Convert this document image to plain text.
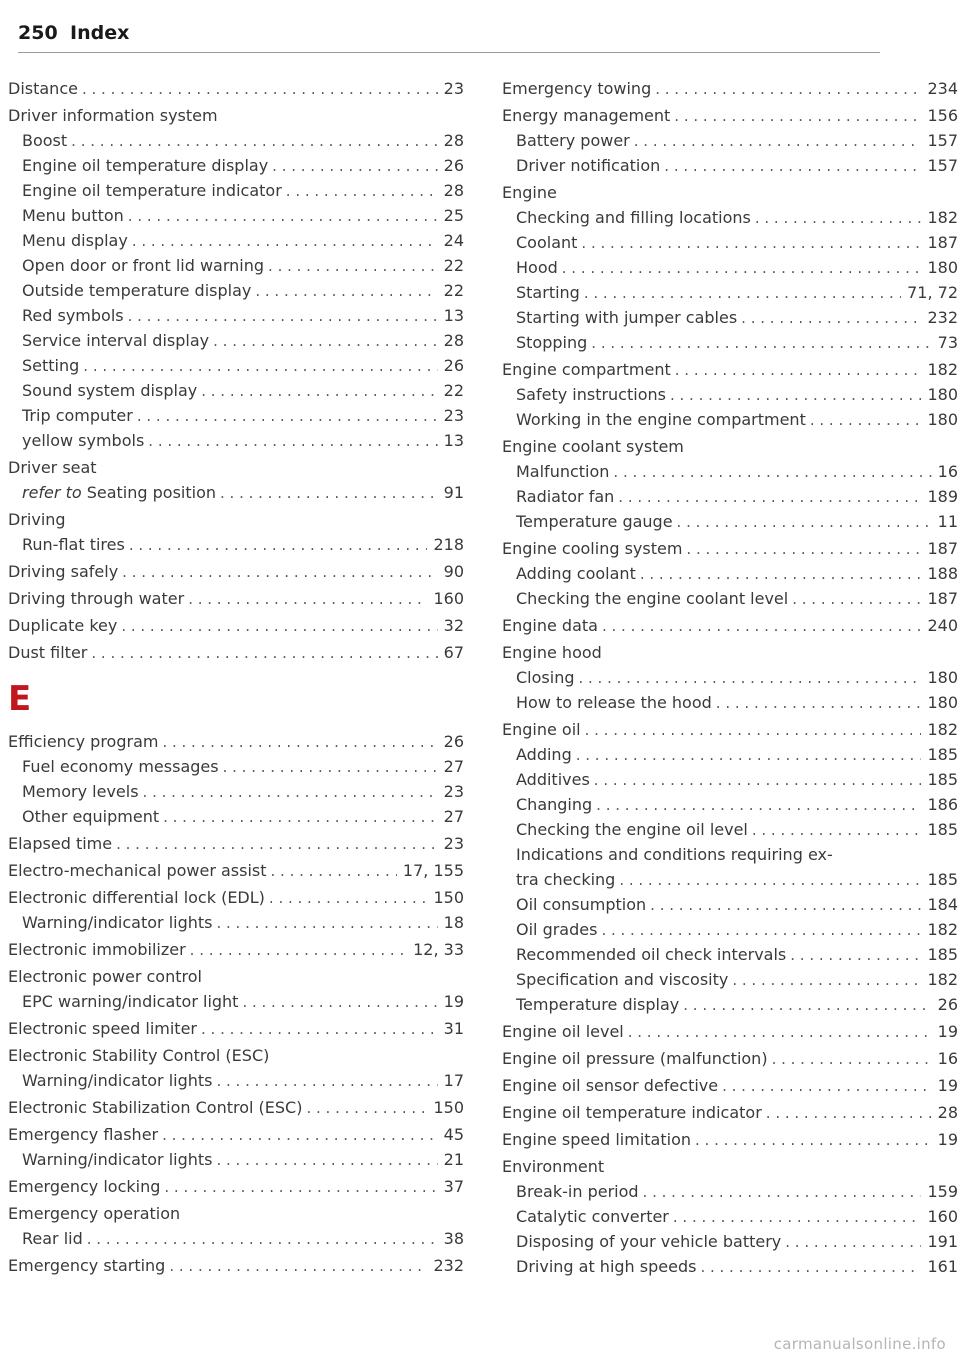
250 Index
Distance . . .	23
Driver information system
Boost . . .	28
Engine oil temperature display . . .	26
Engine oil temperature indicator . . .	28
Menu button . . .	25
Menu display . . .	24
Open door or front lid warning . . .	22
Outside temperature display . . .	22
Red symbols . . .	13
Service interval display . . .	28
Setting . . .	26
Sound system display . . .	22
Trip computer . . .	23
yellow symbols . . .	13
Driver seat
refer to Seating position . . .	91
Driving
Run-flat tires . . .	218
Driving safely . . .	90
Driving through water . . .	160
Duplicate key . . .	32
Dust filter . . .	67
E
Efficiency program . . .	26
Fuel economy messages . . .	27
Memory levels . . .	23
Other equipment . . .	27
Elapsed time . . .	23
Electro-mechanical power assist . . .	17, 155
Electronic differential lock (EDL) . . .	150
Warning/indicator lights . . .	18
Electronic immobilizer . . .	12, 33
Electronic power control
EPC warning/indicator light . . .	19
Electronic speed limiter . . .	31
Electronic Stability Control (ESC)
Warning/indicator lights . . .	17
Electronic Stabilization Control (ESC) . . .	150
Emergency flasher . . .	45
Warning/indicator lights . . .	21
Emergency locking . . .	37
Emergency operation
Rear lid . . .	38
Emergency starting . . .	232
Emergency towing . . .	234
Energy management . . .	156
Battery power . . .	157
Driver notification . . .	157
Engine
Checking and filling locations . . .	182
Coolant . . .	187
Hood . . .	180
Starting . . .	71, 72
Starting with jumper cables . . .	232
Stopping . . .	73
Engine compartment . . .	182
Safety instructions . . .	180
Working in the engine compartment . . .	180
Engine coolant system
Malfunction . . .	16
Radiator fan . . .	189
Temperature gauge . . .	11
Engine cooling system . . .	187
Adding coolant . . .	188
Checking the engine coolant level . . .	187
Engine data . . .	240
Engine hood
Closing . . .	180
How to release the hood . . .	180
Engine oil . . .	182
Adding . . .	185
Additives . . .	185
Changing . . .	186
Checking the engine oil level . . .	185
Indications and conditions requiring ex-
tra checking . . .	185
Oil consumption . . .	184
Oil grades . . .	182
Recommended oil check intervals . . .	185
Specification and viscosity . . .	182
Temperature display . . .	26
Engine oil level . . .	19
Engine oil pressure (malfunction) . . .	16
Engine oil sensor defective . . .	19
Engine oil temperature indicator . . .	28
Engine speed limitation . . .	19
Environment
Break-in period . . .	159
Catalytic converter . . .	160
Disposing of your vehicle battery . . .	191
Driving at high speeds . . .	161
carmanualsonline.info
